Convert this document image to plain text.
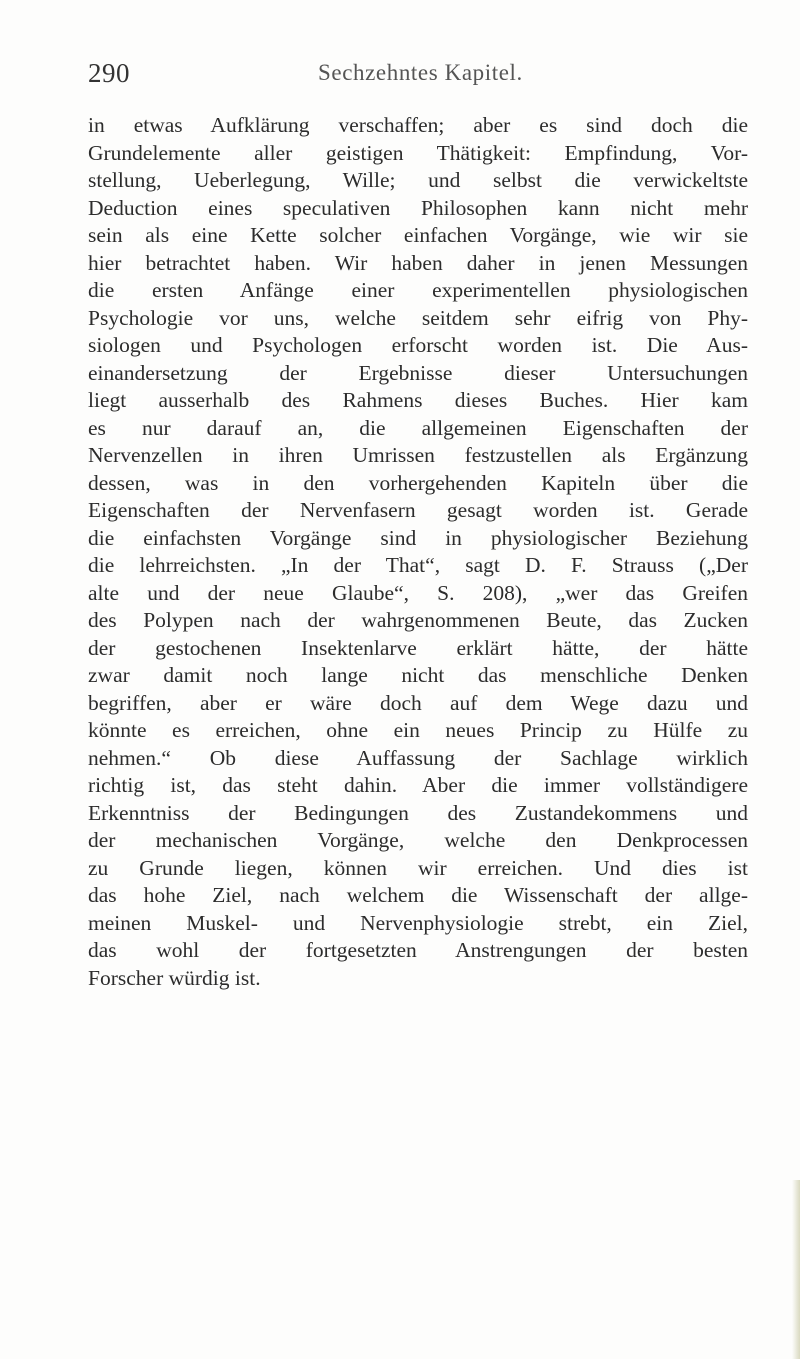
290	Sechzehntes Kapitel.
in etwas Aufklärung verschaffen; aber es sind doch die
Grundelemente aller geistigen Thätigkeit: Empfindung, Vor-
stellung, Ueberlegung, Wille; und selbst die verwickeltste
Deduction eines speculativen Philosophen kann nicht mehr
sein als eine Kette solcher einfachen Vorgänge, wie wir sie
hier betrachtet haben. Wir haben daher in jenen Messungen
die ersten Anfänge einer experimentellen physiologischen
Psychologie vor uns, welche seitdem sehr eifrig von Phy-
siologen und Psychologen erforscht worden ist. Die Aus-
einandersetzung der Ergebnisse dieser Untersuchungen
liegt ausserhalb des Rahmens dieses Buches. Hier kam
es nur darauf an, die allgemeinen Eigenschaften der
Nervenzellen in ihren Umrissen festzustellen als Ergänzung
dessen, was in den vorhergehenden Kapiteln über die
Eigenschaften der Nervenfasern gesagt worden ist. Gerade
die einfachsten Vorgänge sind in physiologischer Beziehung
die lehrreichsten. „In der That“, sagt D. F. Strauss („Der
alte und der neue Glaube“, S. 208), „wer das Greifen
des Polypen nach der wahrgenommenen Beute, das Zucken
der gestochenen Insektenlarve erklärt hätte, der hätte
zwar damit noch lange nicht das menschliche Denken
begriffen, aber er wäre doch auf dem Wege dazu und
könnte es erreichen, ohne ein neues Princip zu Hülfe zu
nehmen.“ Ob diese Auffassung der Sachlage wirklich
richtig ist, das steht dahin. Aber die immer vollständigere
Erkenntniss der Bedingungen des Zustandekommens und
der mechanischen Vorgänge, welche den Denkprocessen
zu Grunde liegen, können wir erreichen. Und dies ist
das hohe Ziel, nach welchem die Wissenschaft der allge-
meinen Muskel- und Nervenphysiologie strebt, ein Ziel,
das wohl der fortgesetzten Anstrengungen der besten
Forscher würdig ist.
